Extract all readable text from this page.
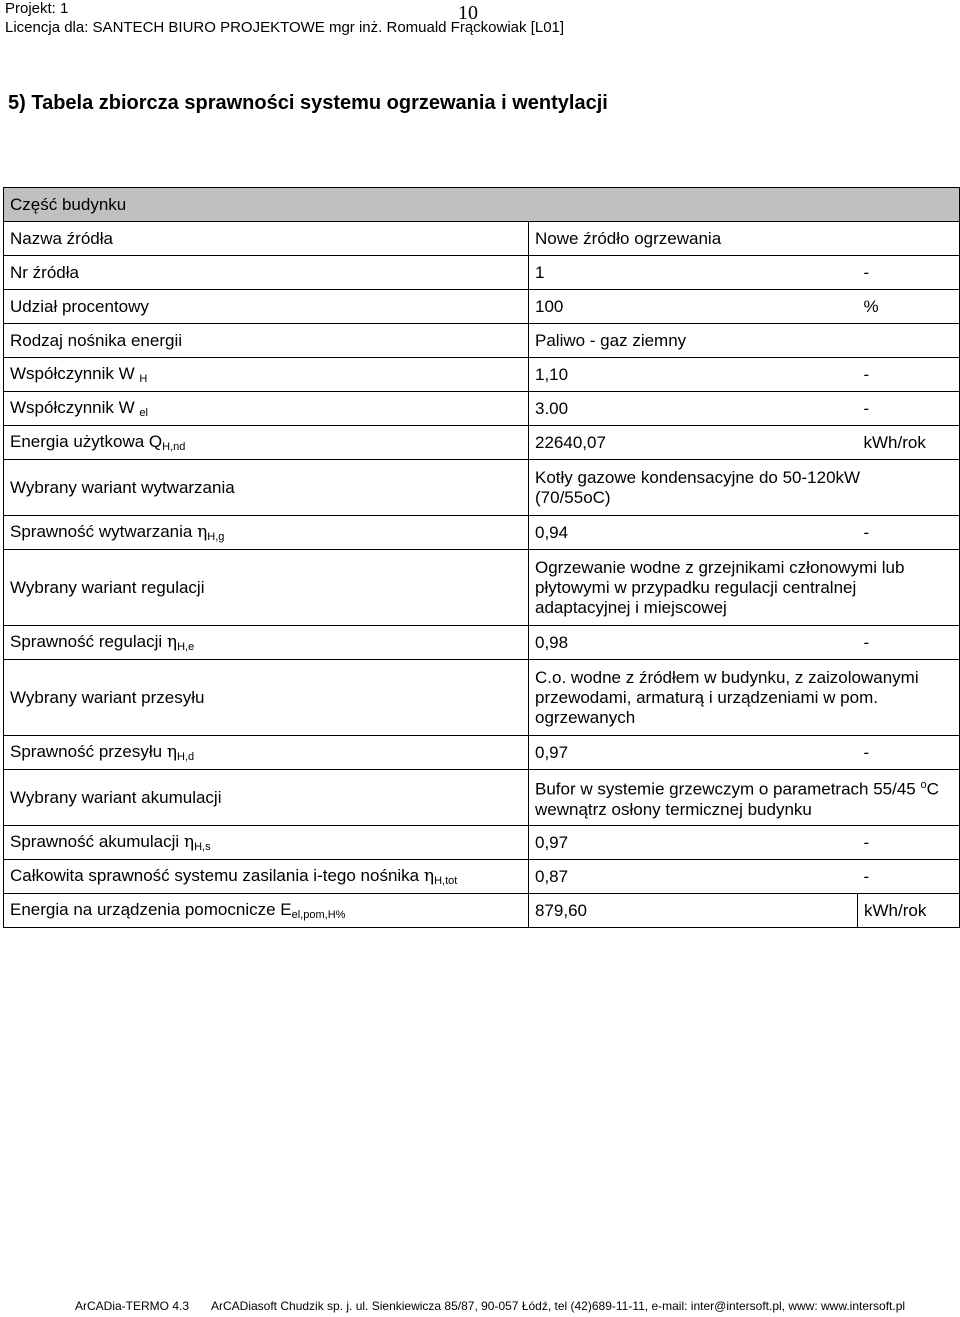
Projekt: 1	10
Licencja dla: SANTECH BIURO PROJEKTOWE mgr inż. Romuald Frąckowiak [L01]
5) Tabela zbiorcza sprawności systemu ogrzewania i wentylacji
Część budynku		
Nazwa źródła	Nowe źródło ogrzewania	
Nr źródła	1	-
Udział procentowy	100	%
Rodzaj nośnika energii	Paliwo - gaz ziemny	
Współczynnik W $_H$	1,10	-
Współczynnik W $_{el}$	3.00	-
Energia użytkowa $Q_{H,nd}$	22640,07	kWh/rok
Wybrany wariant wytwarzania	Kotły gazowe kondensacyjne do 50-120kW (70/55oC)	
Sprawność wytwarzania $\eta_{H,g}$	0,94	-
Wybrany wariant regulacji	Ogrzewanie wodne z grzejnikami członowymi lub płytowymi w przypadku regulacji centralnej adaptacyjnej i miejscowej	
Sprawność regulacji $\eta_{H,e}$	0,98	-
Wybrany wariant przesyłu	C.o. wodne z źródłem w budynku, z zaizolowanymi przewodami, armaturą i urządzeniami w pom. ogrzewanych	
Sprawność przesyłu $\eta_{H,d}$	0,97	-
Wybrany wariant akumulacji	Bufor w systemie grzewczym o parametrach 55/45 $^o$C wewnątrz osłony termicznej budynku	
Sprawność akumulacji $\eta_{H,s}$	0,97	-
Całkowita sprawność systemu zasilania i-tego nośnika $\eta_{H,tot}$	0,87	-
Energia na urządzenia pomocnicze $E_{el,pom,H\%}$	879,60	kWh/rok
ArCADia-TERMO 4.3 ArCADiasoft Chudzik sp. j. ul. Sienkiewicza 85/87, 90-057 Łódź, tel (42)689-11-11, e-mail: inter@intersoft.pl, www: www.intersoft.pl
